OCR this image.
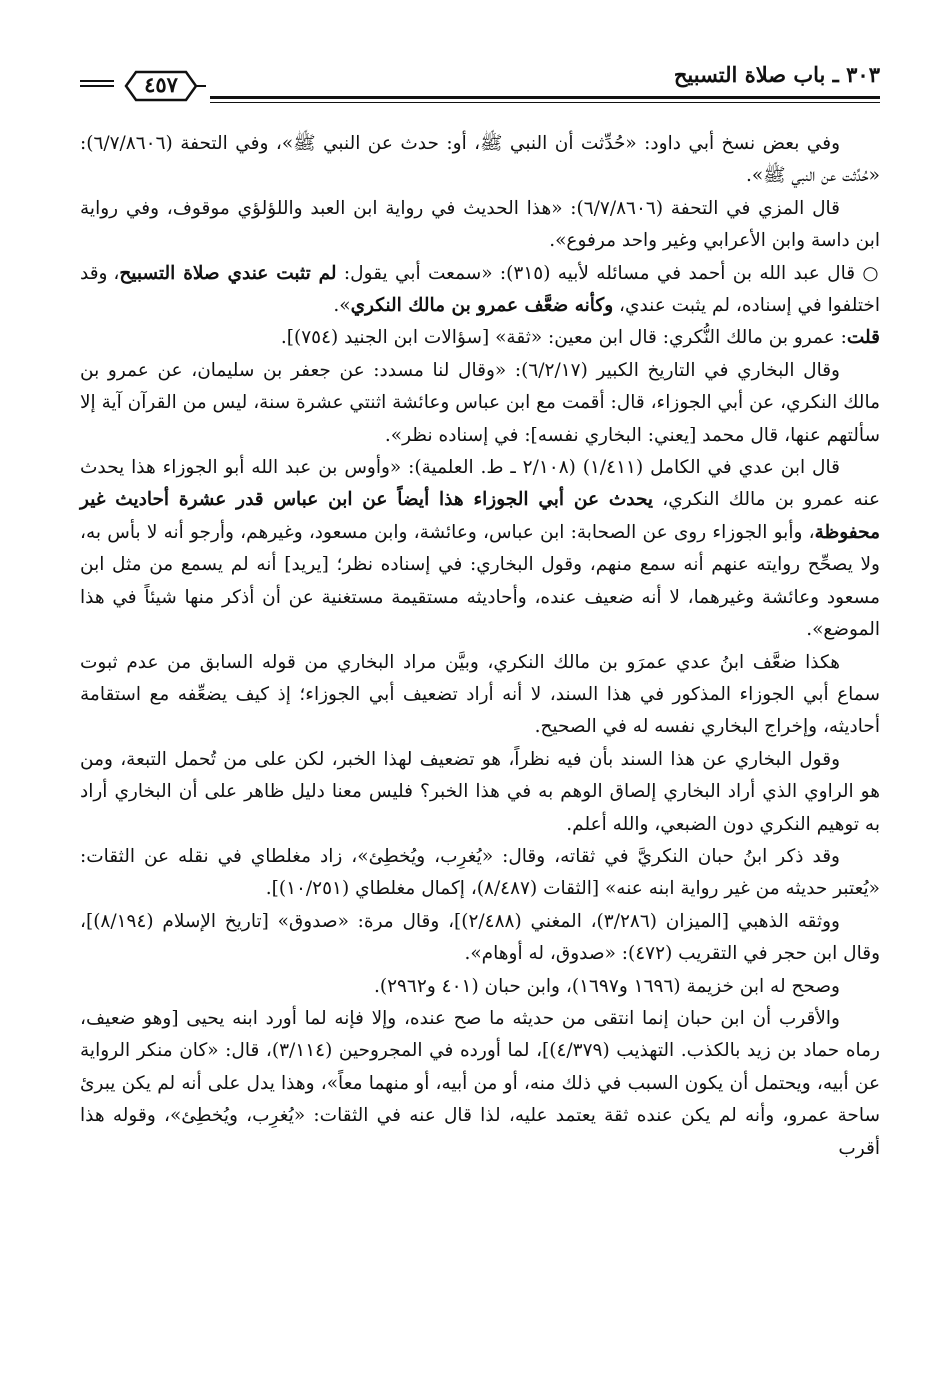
٣٠٣ ـ باب صلاة التسبيح
٤٥٧

وفي بعض نسخ أبي داود: «حُدِّثت أن النبي ﷺ، أو: حدث عن النبي ﷺ»، وفي التحفة (٦/٧/٨٦٠٦): «حُدِّثت عن النبي ﷺ».

قال المزي في التحفة (٦/٧/٨٦٠٦): «هذا الحديث في رواية ابن العبد واللؤلؤي موقوف، وفي رواية ابن داسة وابن الأعرابي وغير واحد مرفوع».

○ قال عبد الله بن أحمد في مسائله لأبيه (٣١٥): «سمعت أبي يقول: لم تثبت عندي صلاة التسبيح، وقد اختلفوا في إسناده، لم يثبت عندي، وكأنه ضعَّف عمرو بن مالك النكري».

قلت: عمرو بن مالك النُّكري: قال ابن معين: «ثقة» [سؤالات ابن الجنيد (٧٥٤)].

وقال البخاري في التاريخ الكبير (٦/٢/١٧): «وقال لنا مسدد: عن جعفر بن سليمان، عن عمرو بن مالك النكري، عن أبي الجوزاء، قال: أقمت مع ابن عباس وعائشة اثنتي عشرة سنة، ليس من القرآن آية إلا سألتهم عنها، قال محمد [يعني: البخاري نفسه]: في إسناده نظر».

قال ابن عدي في الكامل (١/٤١١) (٢/١٠٨ ـ ط. العلمية): «وأوس بن عبد الله أبو الجوزاء هذا يحدث عنه عمرو بن مالك النكري، يحدث عن أبي الجوزاء هذا أيضاً عن ابن عباس قدر عشرة أحاديث غير محفوظة، وأبو الجوزاء روى عن الصحابة: ابن عباس، وعائشة، وابن مسعود، وغيرهم، وأرجو أنه لا بأس به، ولا يصحِّح روايته عنهم أنه سمع منهم، وقول البخاري: في إسناده نظر؛ [يريد] أنه لم يسمع من مثل ابن مسعود وعائشة وغيرهما، لا أنه ضعيف عنده، وأحاديثه مستقيمة مستغنية عن أن أذكر منها شيئاً في هذا الموضع».

هكذا ضعَّف ابنُ عدي عمرَو بن مالك النكري، وبيَّن مراد البخاري من قوله السابق من عدم ثبوت سماع أبي الجوزاء المذكور في هذا السند، لا أنه أراد تضعيف أبي الجوزاء؛ إذ كيف يضعِّفه مع استقامة أحاديثه، وإخراج البخاري نفسه له في الصحيح.

وقول البخاري عن هذا السند بأن فيه نظراً، هو تضعيف لهذا الخبر، لكن على من تُحمل التبعة، ومن هو الراوي الذي أراد البخاري إلصاق الوهم به في هذا الخبر؟ فليس معنا دليل ظاهر على أن البخاري أراد به توهيم النكري دون الضبعي، والله أعلم.

وقد ذكر ابنُ حبان النكريَّ في ثقاته، وقال: «يُغرِب، ويُخطِئ»، زاد مغلطاي في نقله عن الثقات: «يُعتبر حديثه من غير رواية ابنه عنه» [الثقات (٨/٤٨٧)، إكمال مغلطاي (١٠/٢٥١)].

ووثقه الذهبي [الميزان (٣/٢٨٦)، المغني (٢/٤٨٨)]، وقال مرة: «صدوق» [تاريخ الإسلام (٨/١٩٤)]، وقال ابن حجر في التقريب (٤٧٢): «صدوق، له أوهام».

وصحح له ابن خزيمة (١٦٩٦ و١٦٩٧)، وابن حبان (٤٠١ و٢٩٦٢).

والأقرب أن ابن حبان إنما انتقى من حديثه ما صح عنده، وإلا فإنه لما أورد ابنه يحيى [وهو ضعيف، رماه حماد بن زيد بالكذب. التهذيب (٤/٣٧٩)]، لما أورده في المجروحين (٣/١١٤)، قال: «كان منكر الرواية عن أبيه، ويحتمل أن يكون السبب في ذلك منه، أو من أبيه، أو منهما معاً»، وهذا يدل على أنه لم يكن يبرئ ساحة عمرو، وأنه لم يكن عنده ثقة يعتمد عليه، لذا قال عنه في الثقات: «يُغرِب، ويُخطِئ»، وقوله هذا أقرب
